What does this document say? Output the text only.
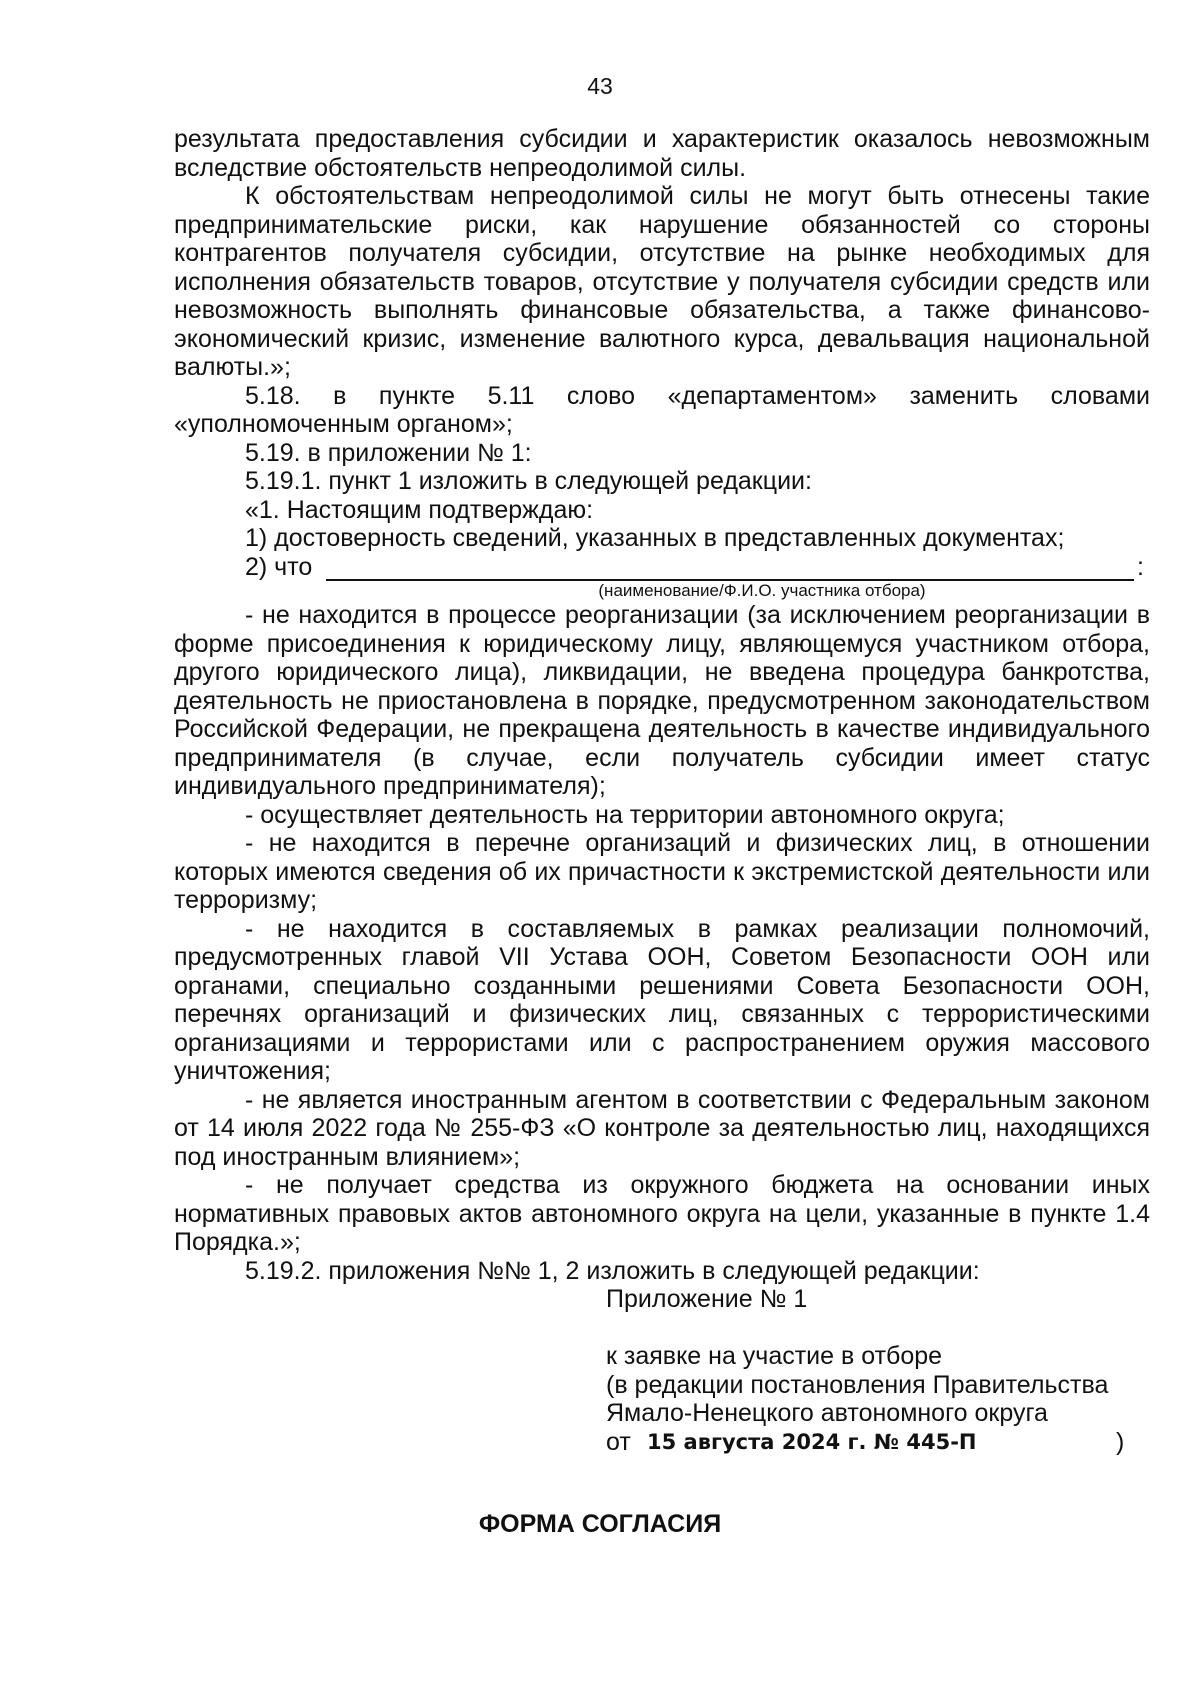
43

результата предоставления субсидии и характеристик оказалось невозможным вследствие обстоятельств непреодолимой силы.

К обстоятельствам непреодолимой силы не могут быть отнесены такие предпринимательские риски, как нарушение обязанностей со стороны контрагентов получателя субсидии, отсутствие на рынке необходимых для исполнения обязательств товаров, отсутствие у получателя субсидии средств или невозможность выполнять финансовые обязательства, а также финансово-экономический кризис, изменение валютного курса, девальвация национальной валюты.»;

5.18. в пункте 5.11 слово «департаментом» заменить словами «уполномоченным органом»;

5.19. в приложении № 1:

5.19.1. пункт 1 изложить в следующей редакции:

«1. Настоящим подтверждаю:

1) достоверность сведений, указанных в представленных документах;

2) что	:

(наименование/Ф.И.О. участника отбора)

- не находится в процессе реорганизации (за исключением реорганизации в форме присоединения к юридическому лицу, являющемуся участником отбора, другого юридического лица), ликвидации, не введена процедура банкротства, деятельность не приостановлена в порядке, предусмотренном законодательством Российской Федерации, не прекращена деятельность в качестве индивидуального предпринимателя (в случае, если получатель субсидии имеет статус индивидуального предпринимателя);

- осуществляет деятельность на территории автономного округа;

- не находится в перечне организаций и физических лиц, в отношении которых имеются сведения об их причастности к экстремистской деятельности или терроризму;

- не находится в составляемых в рамках реализации полномочий, предусмотренных главой VII Устава ООН, Советом Безопасности ООН или органами, специально созданными решениями Совета Безопасности ООН, перечнях организаций и физических лиц, связанных с террористическими организациями и террористами или с распространением оружия массового уничтожения;

- не является иностранным агентом в соответствии с Федеральным законом от 14 июля 2022 года № 255-ФЗ «О контроле за деятельностью лиц, находящихся под иностранным влиянием»;

- не получает средства из окружного бюджета на основании иных нормативных правовых актов автономного округа на цели, указанные в пункте 1.4 Порядка.»;

5.19.2. приложения №№ 1, 2 изложить в следующей редакции:

Приложение № 1

к заявке на участие в отборе

(в редакции постановления Правительства

Ямало-Ненецкого автономного округа

от 15 августа 2024 г. № 445-П	)
ФОРМА СОГЛАСИЯ
